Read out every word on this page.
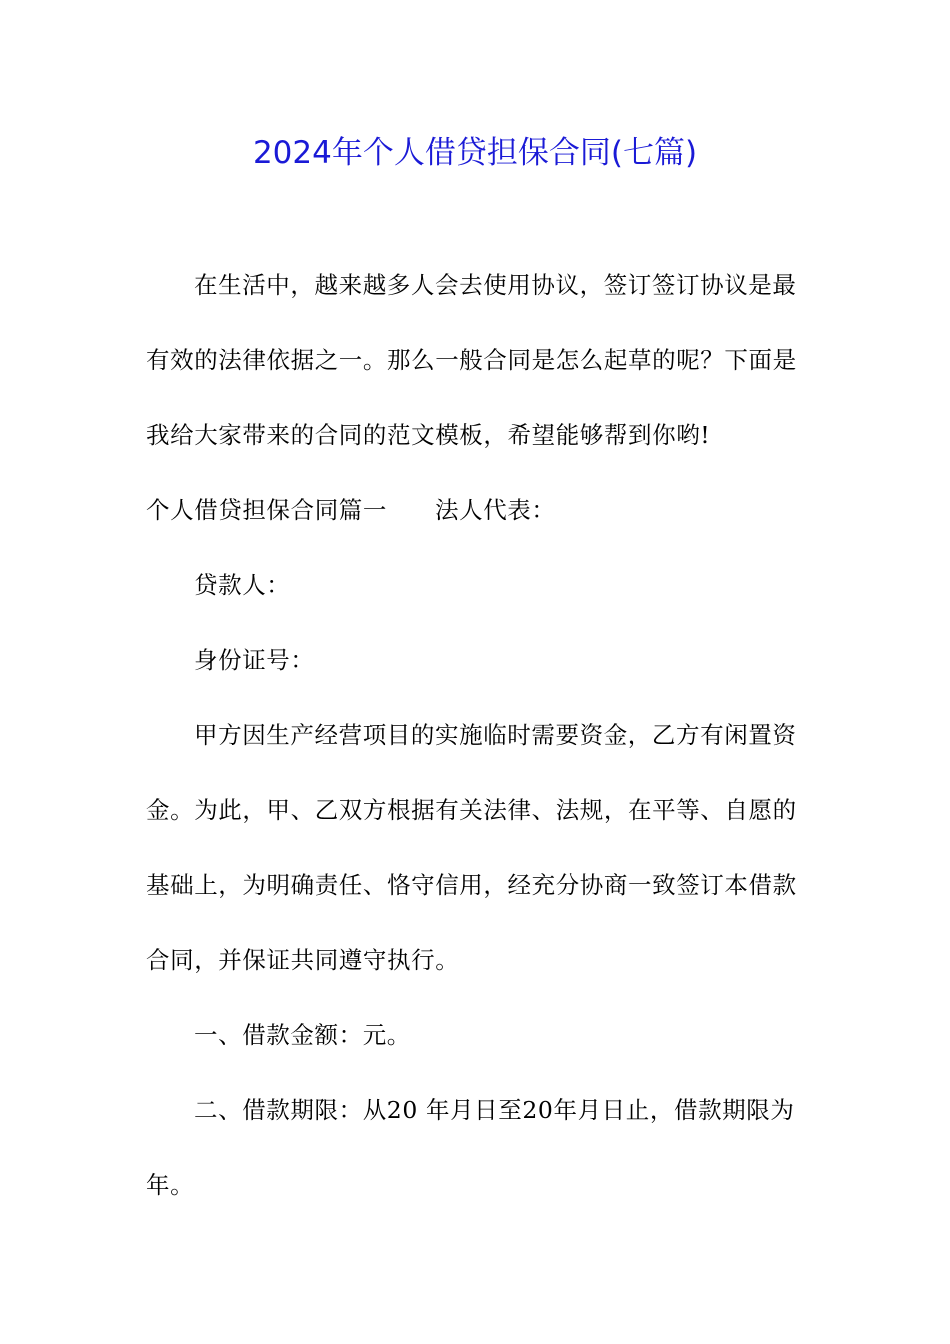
2024年个人借贷担保合同(七篇)
在生活中，越来越多人会去使用协议，签订签订协议是最
有效的法律依据之一。那么一般合同是怎么起草的呢？下面是
我给大家带来的合同的范文模板，希望能够帮到你哟!
个人借贷担保合同篇一 法人代表：
贷款人：
身份证号：
甲方因生产经营项目的实施临时需要资金，乙方有闲置资
金。为此，甲、乙双方根据有关法律、法规，在平等、自愿的
基础上，为明确责任、恪守信用，经充分协商一致签订本借款
合同，并保证共同遵守执行。
一、借款金额：元。
二、借款期限：从20 年月日至20年月日止，借款期限为
年。
